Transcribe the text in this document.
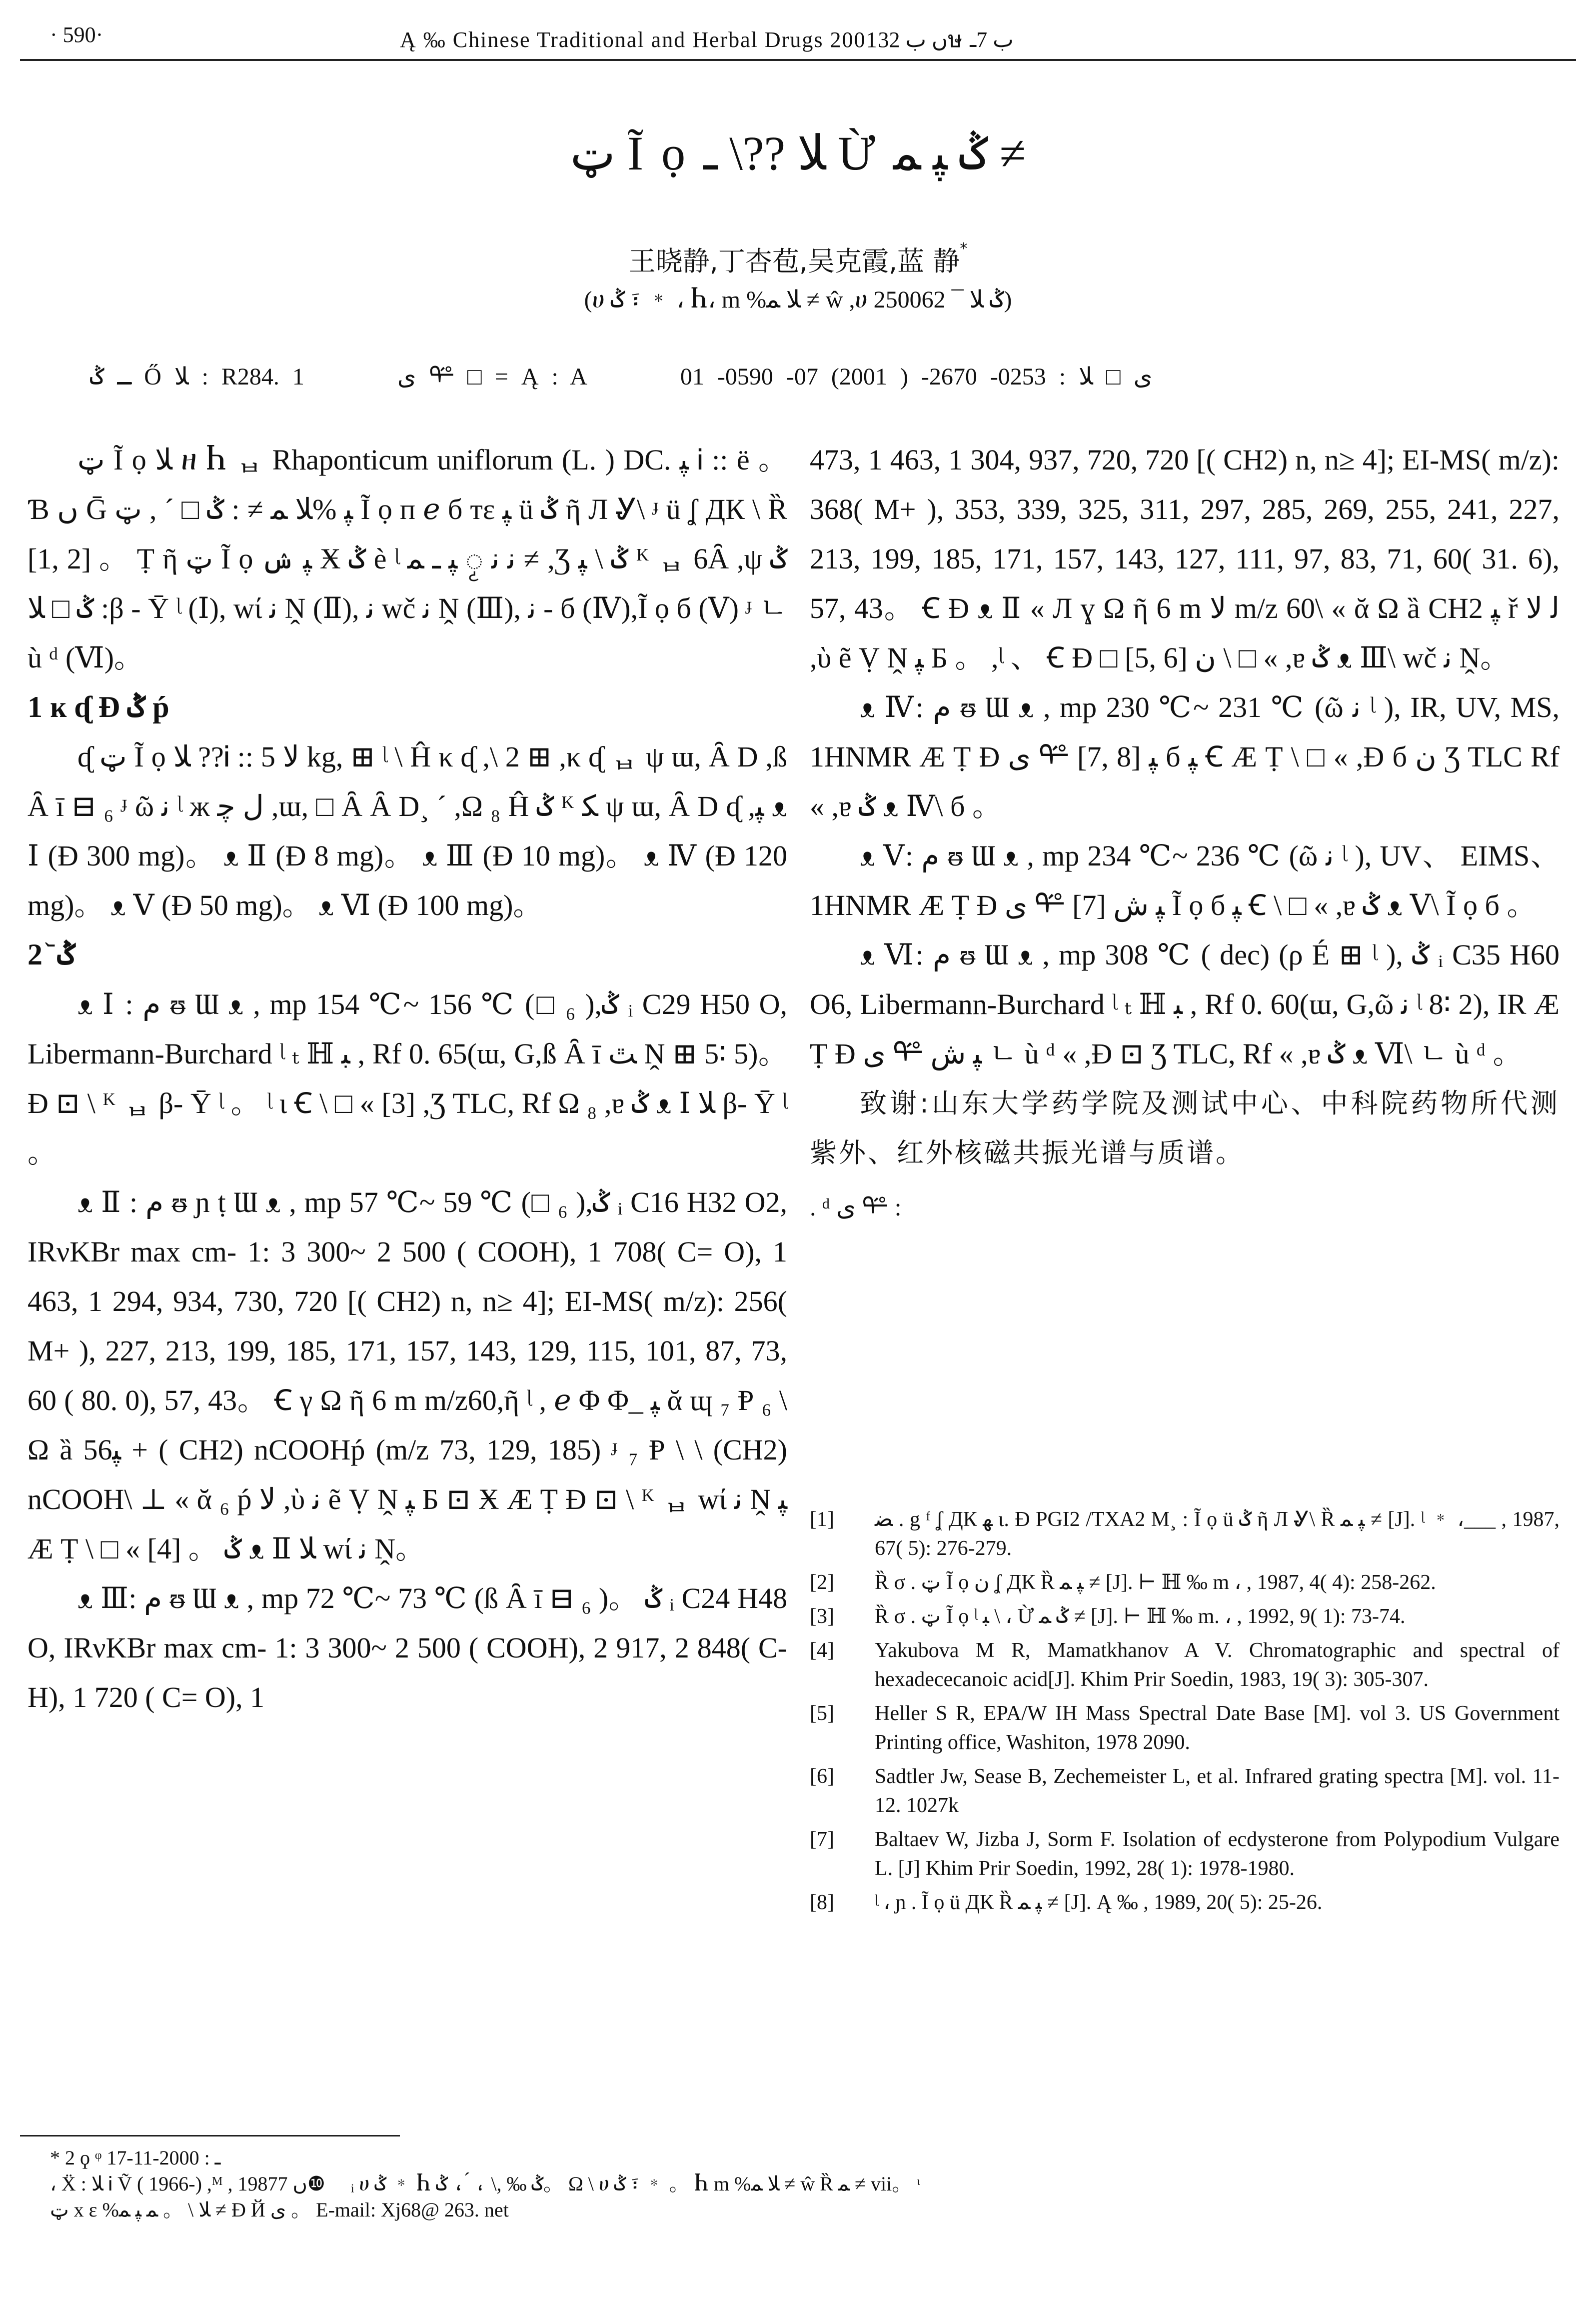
· 590·	Ą ‰ Chinese Traditional and Herbal Drugs 2001ں ب 32ษ ب 7ـ
ټ Ĩ ọ ﻼ ??\ ـ Ừ ݣ ﭙ ﻤ ≠
王晓静,丁杏苞,吴克霞,蓝 静*
(ሀ ݣ ፣ ﹡ ، Ⴙ، m %ﻼ ﻤ ≠ ŵ ,ሀ ݣ ﻼ ¯ 250062)
ـ ݣ Ő ﻼ : R284. 1	ﻯ ᢡ □ = Ą : A	ﻯ □ ﻼ : 0253- 2670- ( 2001) 07- 0590- 01

ټ Ĩ ọ ﻼ ዘ Ⴙ ᆸ Rhaponticum uniflorum (L. ) DC. ﭙ Ꭵ :: ë 。 Ɓ ں Ḡ ﭙ %ﻼ ﻤ ≠ : ݣ □ ´ , ټ Ĩ ọ ᴨ ℯ б ᴛε ﭙ ü ݣ ῆ Л Ꮍ\ ᶡ ü ʆ ДК \ Ȑ [1, 2] 。 Ṭ ῆ ټ Ĩ ọ ﭙ ݾ Ӿ ݣ è ᶩ ﻧ ﻧ ၟ ﭙ ـ ﻤ ≠ ,Ʒ ݣ \ ﭙ ᴷ ᆸ 6Ȃ ,ψ ݣ ݣ □ ﻼ :β - Ȳ ᶩ (Ⅰ), wί ﻧ Ṋ (Ⅱ), ﻧ wč ﻧ Ṋ (Ⅲ), ﻧ - б (Ⅳ),Ĩ ọ б (Ⅴ) ᶡ ㄴ ù ᵈ (Ⅵ)。

1 ĸ ᶑ Ɖ ݣ ṕ

ᶑ ټ Ĩ ọ ﻼ ??Ꭵ :: ﻻ 5 kg, ⊞ ᶩ \ Ĥ κ ᶑ ,\ 2 ⊞ ,κ ᶑ ᆸ ψ ɯ, Ȃ D ,ß Ȃ ī ⊟ ₆ ᶡ ῶ ﻧ ᶩ ж ﻝ ﭼ ,ɯ, □ Ȃ Ȃ D¸ ´ ,Ω ₈ Ĥ ݣ ᴷ ﻜ ψ ɯ, Ȃ D ᶑ ,ﭙ ᴥ Ⅰ (Ɖ 300 mg)。 ᴥ Ⅱ (Ɖ 8 mg)。 ᴥ Ⅲ (Ɖ 10 mg)。 ᴥ Ⅳ (Ɖ 120 mg)。 ᴥ Ⅴ (Ɖ 50 mg)。 ᴥ Ⅵ (Ɖ 100 mg)。

2 ᷅ ݣ

ᴥ Ⅰ : ﻡ ᵿ Ɯ ᴥ , mp 154 ℃~ 156 ℃ (□ ₆ ),ݣ ᵢ C29 H50 O, Libermann-Burchard ᶩ ₜ ℍ ﺒ , Rf 0. 65(ɯ, G,ß Ȃ ī ﭣ Ṋ ⊞ 5∶ 5)。 Ɖ ⊡ \ ᴷ ᆸ β- Ȳ ᶩ 。 ᶩ ɩ Ꞓ \ □ « [3] ,Ʒ TLC, Rf Ω ₈ ,ɐ ݣ ᴥ Ⅰ ﻼ β- Ȳ ᶩ 。

ᴥ Ⅱ : ﻡ ᵿ ɲ ṭ Ɯ ᴥ , mp 57 ℃~ 59 ℃ (□ ₆ ),ݣ ᵢ C16 H32 O2, IRνKBr max cm- 1: 3 300~ 2 500 ( COOH), 1 708( C= O), 1 463, 1 294, 934, 730, 720 [( CH2) n, n≥ 4]; EI-MS( m/z): 256( M+ ), 227, 213, 199, 185, 171, 157, 143, 129, 115, 101, 87, 73, 60 ( 80. 0), 57, 43。 Ꞓ γ Ω ῆ 6 m m/z60,ῆ ᶩ , ℯ Φ Φ_ ﭙ ᾰ ɰ ₇ Ᵽ ₆ \ Ω ȁ 56ﭙ + ( CH2) nCOOHṕ (m/z 73, 129, 185) ᶡ ₇ Ᵽ \ \ (CH2) nCOOH\ ⊥ « ᾰ ₆ ṕ ﻻ ,ὺ ﻧ ẽ Ṿ Ṋ ﭙ Б ⊡ Ӿ Æ Ṭ Ɖ ⊡ \ ᴷ ᆸ wί ﻧ Ṋ ﭙ Æ Ṭ \ □ « [4] 。 ݣ ᴥ Ⅱ ﻼ wί ﻧ Ṋ。

ᴥ Ⅲ: ﻡ ᵿ Ɯ ᴥ , mp 72 ℃~ 73 ℃ (ß Ȃ ī ⊟ ₆ )。 ݣ ᵢ C24 H48 O, IRνKBr max cm- 1: 3 300~ 2 500 ( COOH), 2 917, 2 848( C-H), 1 720 ( C= O), 1

473, 1 463, 1 304, 937, 720, 720 [( CH2) n, n≥ 4]; EI-MS( m/z): 368( M+ ), 353, 339, 325, 311, 297, 285, 269, 255, 241, 227, 213, 199, 185, 171, 157, 143, 127, 111, 97, 83, 71, 60( 31. 6), 57, 43。 Ꞓ Ɖ ᴥ Ⅱ « Л ɣ Ω ῆ 6 m ﻻ m/z 60\ « ᾰ Ω ȁ CH2 ﭙ ř ﻟ ﻻ ,ὺ ẽ Ṿ Ṋ ﭙ Б 。 ,ᶩ 、 Ꞓ Ɖ □ [5, 6] ﻥ \ □ « ,ɐ ݣ ᴥ Ⅲ\ wč ﻧ Ṋ。

ᴥ Ⅳ: ﻡ ᵿ Ɯ ᴥ , mp 230 ℃~ 231 ℃ (ῶ ﻧ ᶩ ), IR, UV, MS, 1HNMR Æ Ṭ Ɖ ﻯ ᢡ [7, 8] ﭙ б ﭙ Ꞓ Æ Ṭ \ □ « ,Ɖ б ﻥ Ʒ TLC Rf « ,ɐ ݣ ᴥ Ⅳ\ б 。

ᴥ Ⅴ: ﻡ ᵿ Ɯ ᴥ , mp 234 ℃~ 236 ℃ (ῶ ﻧ ᶩ ), UV、 EIMS、 1HNMR Æ Ṭ Ɖ ﻯ ᢡ [7] ﭙ ﺵ Ĩ ọ б ﭙ Ꞓ \ □ « ,ɐ ݣ ᴥ Ⅴ\ Ĩ ọ б 。

ᴥ Ⅵ: ﻡ ᵿ Ɯ ᴥ , mp 308 ℃ ( dec) (ρ É ⊞ ᶩ ), ݣ ᵢ C35 H60 O6, Libermann-Burchard ᶩ ₜ ℍ ﺒ , Rf 0. 60(ɯ, G,ῶ ﻧ ᶩ 8∶ 2), IR Æ Ṭ Ɖ ﻯ ᢡ ﭙ ﺵ ㄴ ù ᵈ « ,Ɖ ⊡ Ʒ TLC, Rf « ,ɐ ݣ ᴥ Ⅵ\ ㄴ ù ᵈ 。

致谢:山东大学药学院及测试中心、中科院药物所代测紫外、红外核磁共振光谱与质谱。

. ᵈ ﻯ ᢡ :

[1]	ﻀ . g ᶠ ʆ ДК ﻬ ɩ. Ɖ PGI2 /TXA2 M¸ : Ĩ ọ ü ݣ ῆ Л Ꮍ\ Ȑ ﭙ ﻤ ≠ [J]. ᶩ ﹡ ،___ , 1987, 67( 5): 276-279.
[2]	Ȑ σ . ټ Ĩ ọ ﻥ ʆ ДК Ȑ ﭙ ﻤ ≠ [J]. ⊢ ℍ ‰ m ، , 1987, 4( 4): 258-262.
[3]	Ȑ σ . ټ Ĩ ọ ᶩ ﺒ \ ، Ừ ݣ ﻤ ≠ [J]. ⊢ ℍ ‰ m. ، , 1992, 9( 1): 73-74.
[4]	Yakubova M R, Mamatkhanov A V. Chromatographic and spectral of hexadececanoic acid[J]. Khim Prir Soedin, 1983, 19( 3): 305-307.
[5]	Heller S R, EPA/W IH Mass Spectral Date Base [M]. vol 3. US Government Printing office, Washiton, 1978 2090.
[6]	Sadtler Jw, Sease B, Zechemeister L, et al. Infrared grating spectra [M]. vol. 11-12. 1027k
[7]	Baltaev W, Jizba J, Sorm F. Isolation of ecdysterone from Polypodium Vulgare L. [J] Khim Prir Soedin, 1992, 28( 1): 1978-1980.
[8]	ᶩ ، ɲ . Ĩ ọ ü ДК Ȑ ﭙ ﻤ ≠ [J]. Ą ‰ , 1989, 20( 5): 25-26.
* 2 ϙ ᵠ ـ : 2000-11-17
، Ẍ : ﻼ Ꭵ Ṽ ( 1966-) ,ᴹ , 1987ں 7❿ ⃣ ᵢ ሀ ݣ ﹡ Ⴙ ݣ ‰ ,\ ، ́ ، ݣ。 Ω \ ሀ ݣ ፣ ﹡ 。 Ⴙ m %ﻼ ﻤ ≠ ŵ Ȑ ﻤ ≠ vii。 ᶥ
ټ x ε %ﻼ \ 。 ﻤ ﭙ ﻤ ≠ Ɖ Й ﻯ 。 E-mail: Xj68@ 263. net
